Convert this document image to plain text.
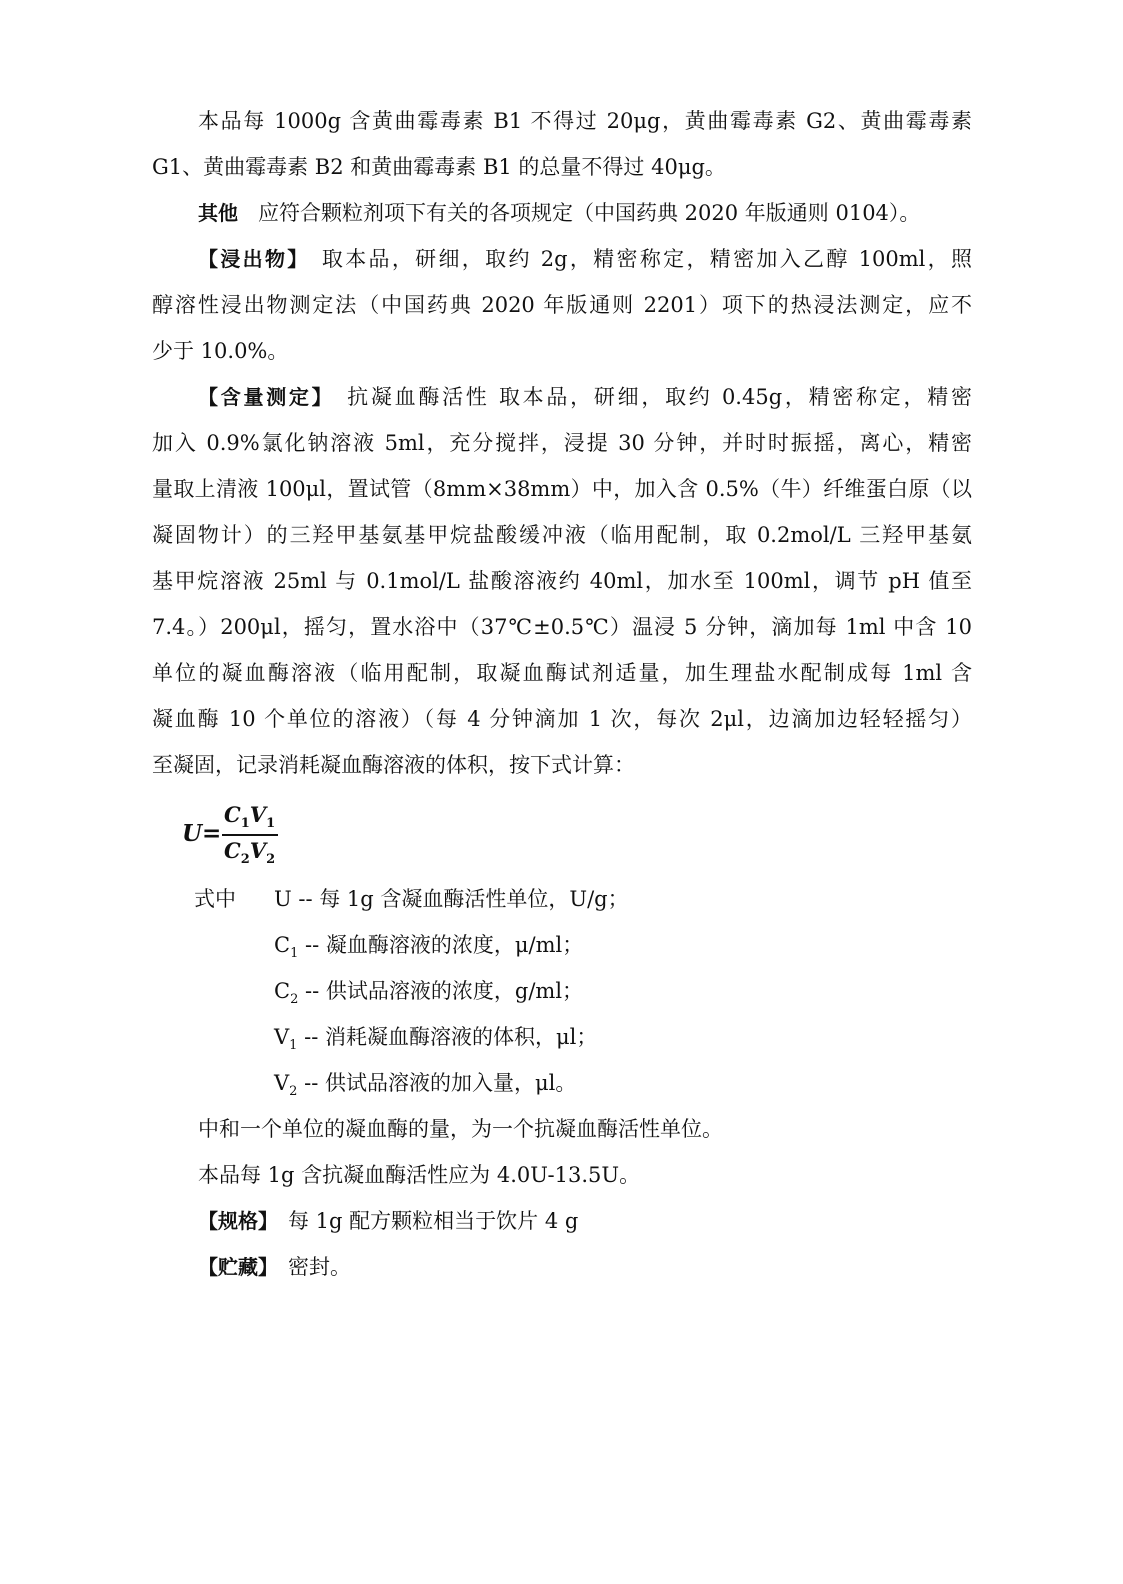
本品每 1000g 含黄曲霉毒素 B1 不得过 20μg，黄曲霉毒素 G2、黄曲霉毒素
G1、黄曲霉毒素 B2 和黄曲霉毒素 B1 的总量不得过 40μg。
其他 应符合颗粒剂项下有关的各项规定（中国药典 2020 年版通则 0104）。
【浸出物】 取本品，研细，取约 2g，精密称定，精密加入乙醇 100ml，照
醇溶性浸出物测定法（中国药典 2020 年版通则 2201）项下的热浸法测定，应不
少于 10.0%。
【含量测定】 抗凝血酶活性 取本品，研细，取约 0.45g，精密称定，精密
加入 0.9%氯化钠溶液 5ml，充分搅拌，浸提 30 分钟，并时时振摇，离心，精密
量取上清液 100μl，置试管（8mm×38mm）中，加入含 0.5%（牛）纤维蛋白原（以
凝固物计）的三羟甲基氨基甲烷盐酸缓冲液（临用配制，取 0.2mol/L 三羟甲基氨
基甲烷溶液 25ml 与 0.1mol/L 盐酸溶液约 40ml，加水至 100ml，调节 pH 值至
7.4。）200μl，摇匀，置水浴中（37℃±0.5℃）温浸 5 分钟，滴加每 1ml 中含 10
单位的凝血酶溶液（临用配制，取凝血酶试剂适量，加生理盐水配制成每 1ml 含
凝血酶 10 个单位的溶液）（每 4 分钟滴加 1 次，每次 2μl，边滴加边轻轻摇匀）
至凝固，记录消耗凝血酶溶液的体积，按下式计算：
U=
$C_1V_1$
$C_2V_2$
式中 U -- 每 1g 含凝血酶活性单位，U/g；
$C_1$ -- 凝血酶溶液的浓度，μ/ml；
$C_2$ -- 供试品溶液的浓度，g/ml；
$V_1$ -- 消耗凝血酶溶液的体积，μl；
$V_2$ -- 供试品溶液的加入量，μl。
中和一个单位的凝血酶的量，为一个抗凝血酶活性单位。
本品每 1g 含抗凝血酶活性应为 4.0U-13.5U。
【规格】 每 1g 配方颗粒相当于饮片 4 g
【贮藏】 密封。
